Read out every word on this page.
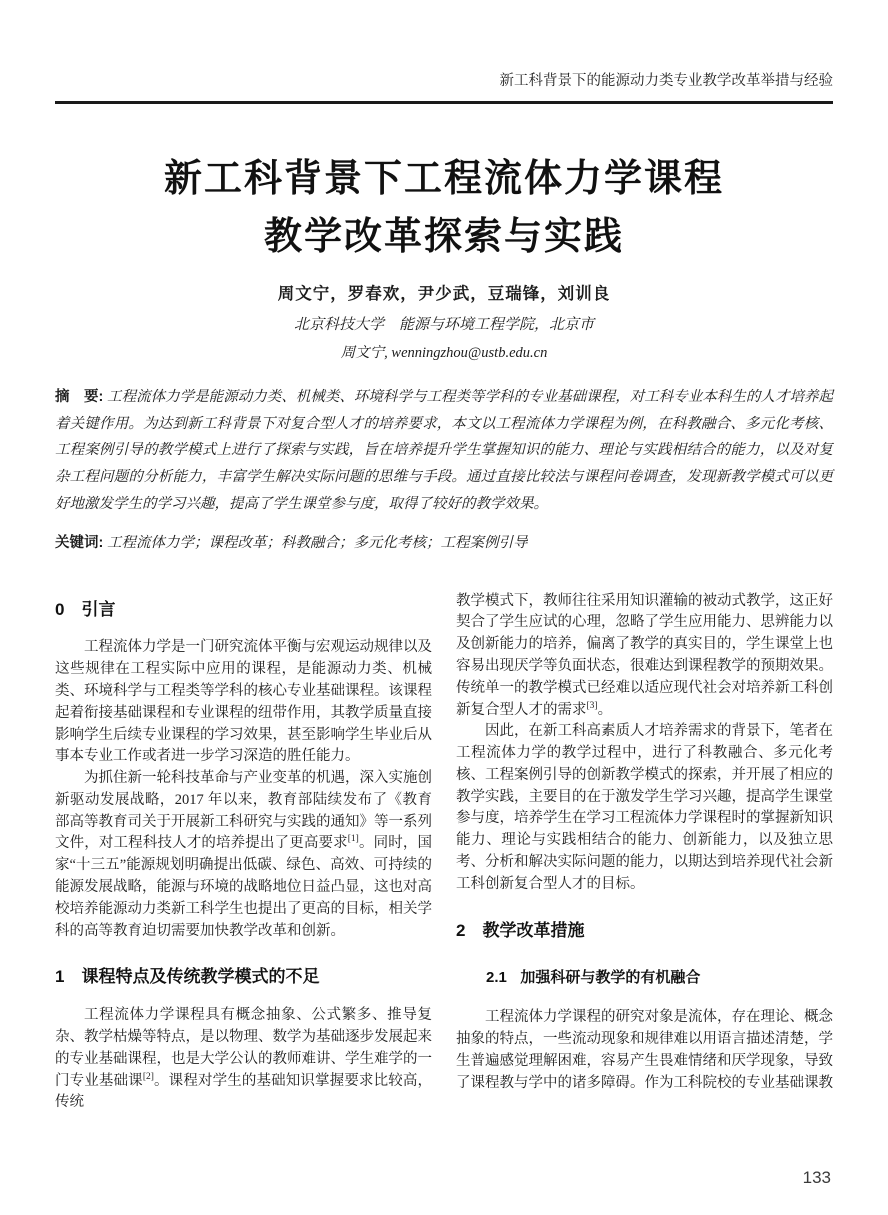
新工科背景下的能源动力类专业教学改革举措与经验
新工科背景下工程流体力学课程
教学改革探索与实践
周文宁，罗春欢，尹少武，豆瑞锋，刘训良
北京科技大学　能源与环境工程学院，北京市
周文宁, wenningzhou@ustb.edu.cn

摘　要: 工程流体力学是能源动力类、机械类、环境科学与工程类等学科的专业基础课程，对工科专业本科生的人才培养起着关键作用。为达到新工科背景下对复合型人才的培养要求，本文以工程流体力学课程为例，在科教融合、多元化考核、工程案例引导的教学模式上进行了探索与实践，旨在培养提升学生掌握知识的能力、理论与实践相结合的能力，以及对复杂工程问题的分析能力，丰富学生解决实际问题的思维与手段。通过直接比较法与课程问卷调查，发现新教学模式可以更好地激发学生的学习兴趣，提高了学生课堂参与度，取得了较好的教学效果。

关键词: 工程流体力学；课程改革；科教融合；多元化考核；工程案例引导

0 引言

工程流体力学是一门研究流体平衡与宏观运动规律以及这些规律在工程实际中应用的课程，是能源动力类、机械类、环境科学与工程类等学科的核心专业基础课程。该课程起着衔接基础课程和专业课程的纽带作用，其教学质量直接影响学生后续专业课程的学习效果，甚至影响学生毕业后从事本专业工作或者进一步学习深造的胜任能力。

为抓住新一轮科技革命与产业变革的机遇，深入实施创新驱动发展战略，2017 年以来，教育部陆续发布了《教育部高等教育司关于开展新工科研究与实践的通知》等一系列文件，对工程科技人才的培养提出了更高要求[1]。同时，国家“十三五”能源规划明确提出低碳、绿色、高效、可持续的能源发展战略，能源与环境的战略地位日益凸显，这也对高校培养能源动力类新工科学生也提出了更高的目标，相关学科的高等教育迫切需要加快教学改革和创新。

1 课程特点及传统教学模式的不足

工程流体力学课程具有概念抽象、公式繁多、推导复杂、教学枯燥等特点，是以物理、数学为基础逐步发展起来的专业基础课程，也是大学公认的教师难讲、学生难学的一门专业基础课[2]。课程对学生的基础知识掌握要求比较高，传统

教学模式下，教师往往采用知识灌输的被动式教学，这正好契合了学生应试的心理，忽略了学生应用能力、思辨能力以及创新能力的培养，偏离了教学的真实目的，学生课堂上也容易出现厌学等负面状态，很难达到课程教学的预期效果。传统单一的教学模式已经难以适应现代社会对培养新工科创新复合型人才的需求[3]。

因此，在新工科高素质人才培养需求的背景下，笔者在工程流体力学的教学过程中，进行了科教融合、多元化考核、工程案例引导的创新教学模式的探索，并开展了相应的教学实践，主要目的在于激发学生学习兴趣，提高学生课堂参与度，培养学生在学习工程流体力学课程时的掌握新知识能力、理论与实践相结合的能力、创新能力，以及独立思考、分析和解决实际问题的能力，以期达到培养现代社会新工科创新复合型人才的目标。

2 教学改革措施
2.1 加强科研与教学的有机融合

工程流体力学课程的研究对象是流体，存在理论、概念抽象的特点，一些流动现象和规律难以用语言描述清楚，学生普遍感觉理解困难，容易产生畏难情绪和厌学现象，导致了课程教与学中的诸多障碍。作为工科院校的专业基础课教

133
